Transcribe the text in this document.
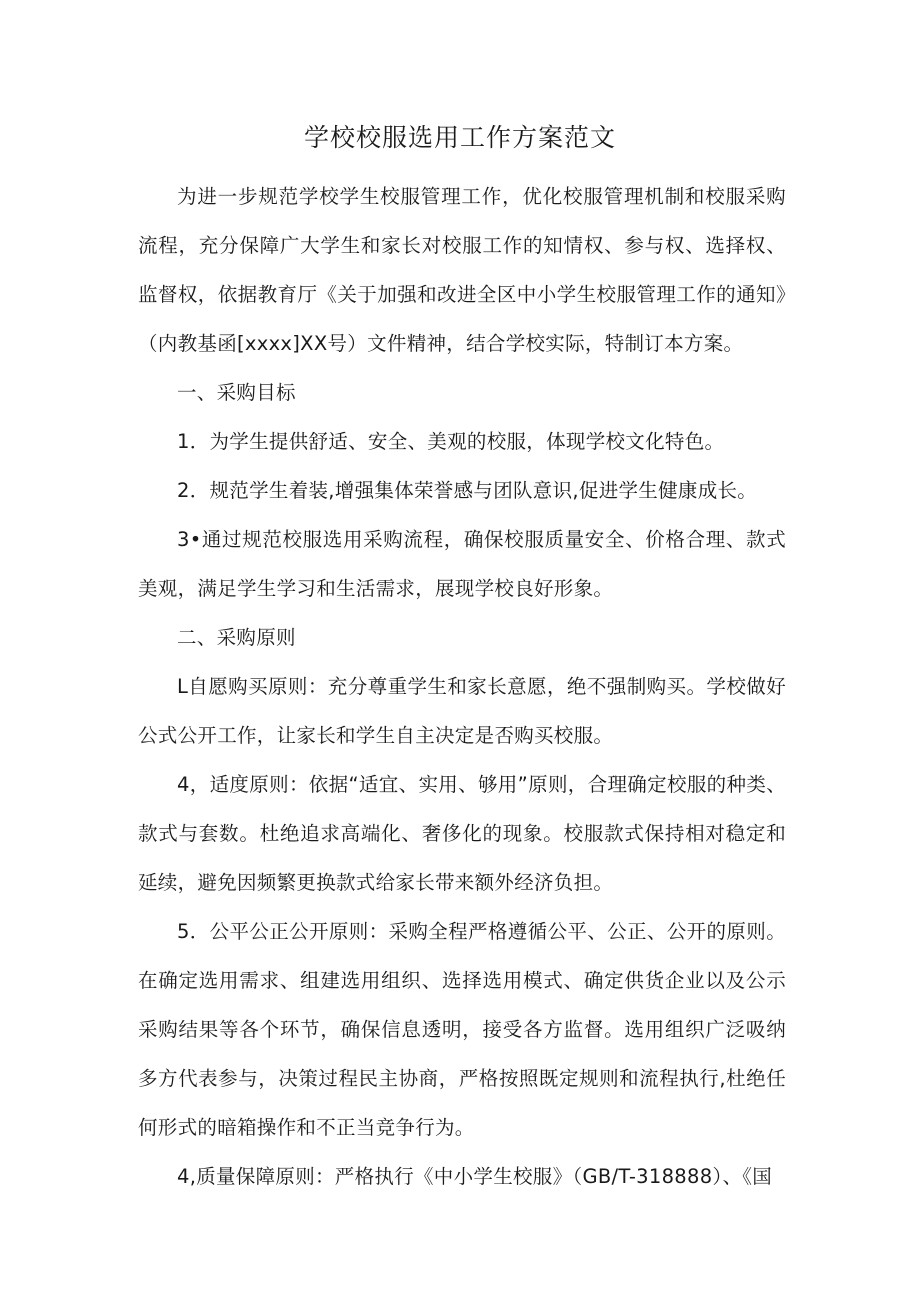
学校校服选用工作方案范文

为进一步规范学校学生校服管理工作，优化校服管理机制和校服采购流程，充分保障广大学生和家长对校服工作的知情权、参与权、选择权、监督权，依据教育厅《关于加强和改进全区中小学生校服管理工作的通知》（内教基函[xxxx]XX号）文件精神，结合学校实际，特制订本方案。

一、采购目标

1．为学生提供舒适、安全、美观的校服，体现学校文化特色。

2．规范学生着装,增强集体荣誉感与团队意识,促进学生健康成长。

3•通过规范校服选用采购流程，确保校服质量安全、价格合理、款式美观，满足学生学习和生活需求，展现学校良好形象。

二、采购原则

L自愿购买原则：充分尊重学生和家长意愿，绝不强制购买。学校做好公式公开工作，让家长和学生自主决定是否购买校服。

4，适度原则：依据“适宜、实用、够用”原则，合理确定校服的种类、款式与套数。杜绝追求高端化、奢侈化的现象。校服款式保持相对稳定和延续，避免因频繁更换款式给家长带来额外经济负担。

5．公平公正公开原则：采购全程严格遵循公平、公正、公开的原则。在确定选用需求、组建选用组织、选择选用模式、确定供货企业以及公示采购结果等各个环节，确保信息透明，接受各方监督。选用组织广泛吸纳多方代表参与，决策过程民主协商，严格按照既定规则和流程执行,杜绝任何形式的暗箱操作和不正当竞争行为。

4,质量保障原则：严格执行《中小学生校服》（GB/T-318888）、《国
